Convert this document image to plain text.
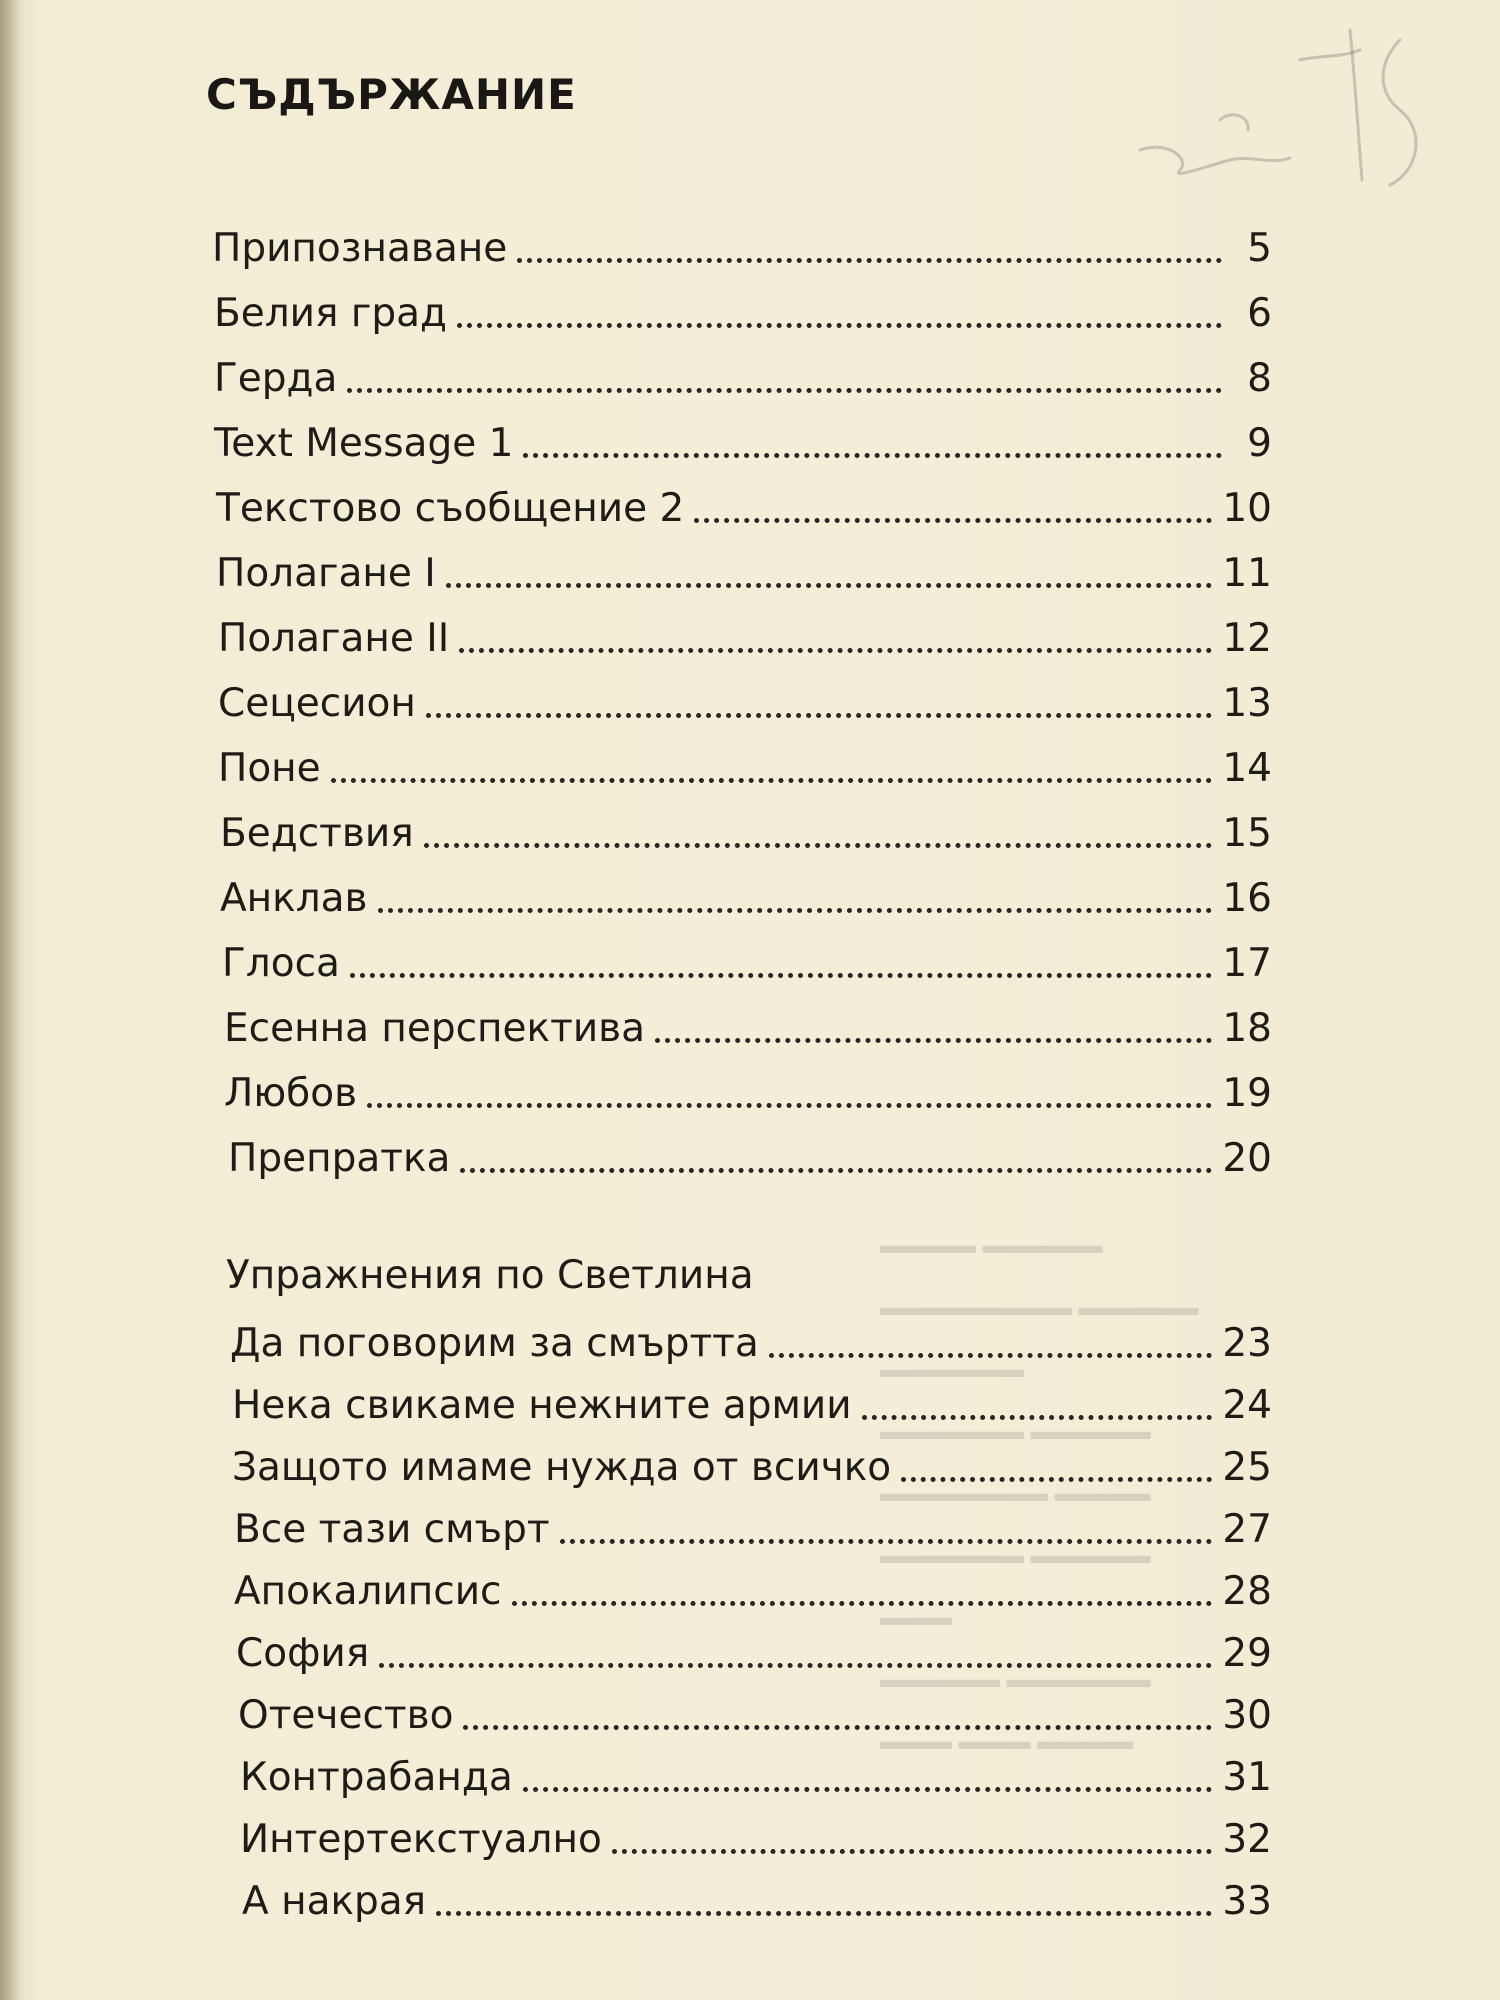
▬▬▬▬▬ ▬▬▬▬
▬▬▬▬▬ ▬▬▬▬▬▬▬▬
▬▬▬▬▬▬
▬▬▬▬▬ ▬▬▬▬▬▬
▬▬▬▬ ▬▬▬▬▬▬▬
▬▬▬▬▬ ▬▬▬▬▬▬ ▬▬▬
▬▬▬▬▬▬ ▬▬▬▬▬
▬▬▬▬ ▬▬▬ ▬▬▬
СЪДЪРЖАНИЕ
Припознаване	5
Белия град	6
Герда	8
Text Message 1	9
Текстово съобщение 2	10
Полагане I	11
Полагане II	12
Сецесион	13
Поне	14
Бедствия	15
Анклав	16
Глоса	17
Есенна перспектива	18
Любов	19
Препратка	20
Упражнения по Светлина
Да поговорим за смъртта	23
Нека свикаме нежните армии	24
Защото имаме нужда от всичко	25
Все тази смърт	27
Апокалипсис	28
София	29
Отечество	30
Контрабанда	31
Интертекстуално	32
А накрая	33
